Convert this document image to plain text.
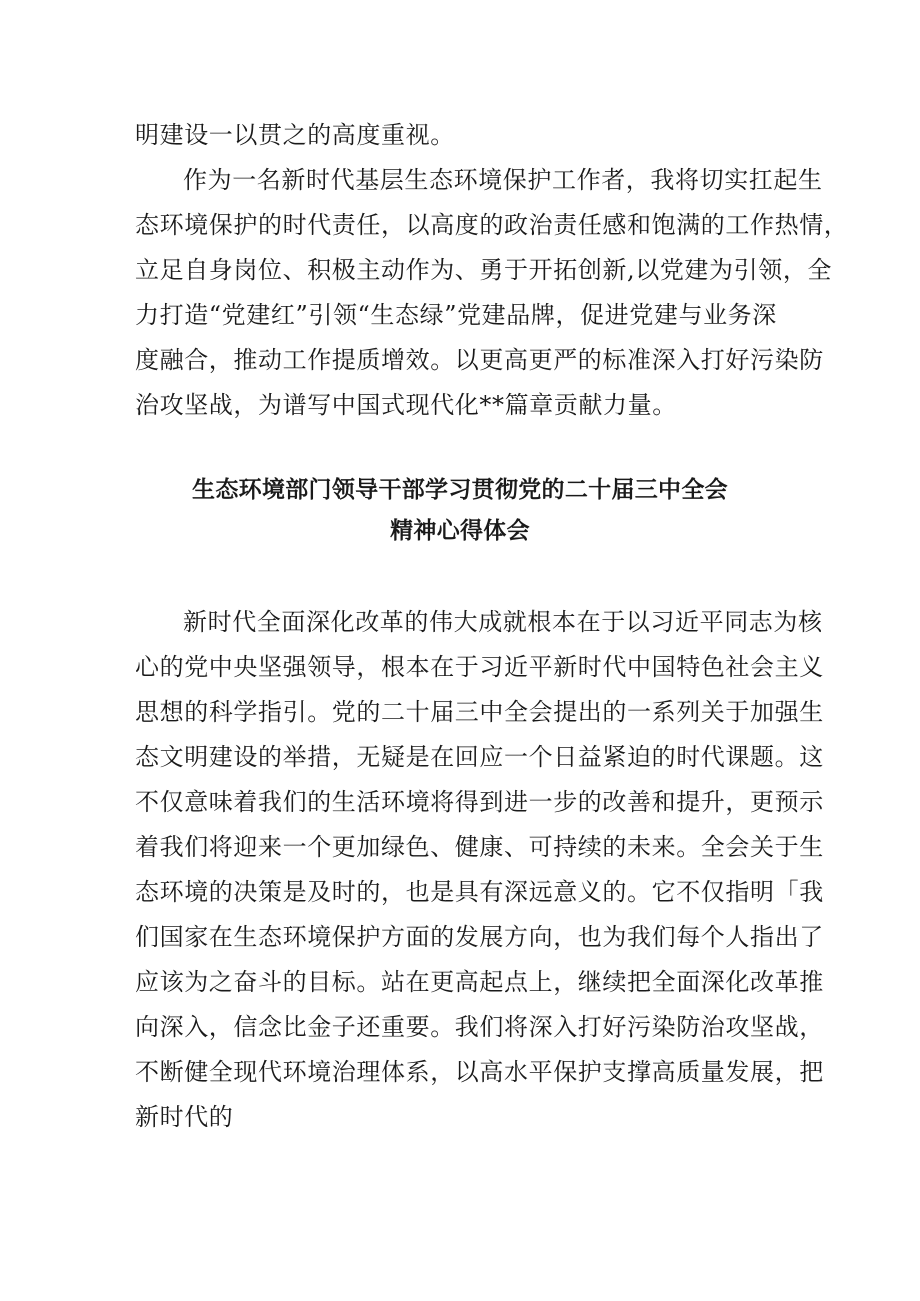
明建设一以贯之的高度重视。
作为一名新时代基层生态环境保护工作者，我将切实扛起生
态环境保护的时代责任，以高度的政治责任感和饱满的工作热情，
立足自身岗位、积极主动作为、勇于开拓创新,以党建为引领，全
力打造“党建红”引领“生态绿”党建品牌，促进党建与业务深
度融合，推动工作提质增效。以更高更严的标准深入打好污染防
治攻坚战，为谱写中国式现代化**篇章贡献力量。
生态环境部门领导干部学习贯彻党的二十届三中全会
精神心得体会
新时代全面深化改革的伟大成就根本在于以习近平同志为核
心的党中央坚强领导，根本在于习近平新时代中国特色社会主义
思想的科学指引。党的二十届三中全会提出的一系列关于加强生
态文明建设的举措，无疑是在回应一个日益紧迫的时代课题。这
不仅意味着我们的生活环境将得到进一步的改善和提升，更预示
着我们将迎来一个更加绿色、健康、可持续的未来。全会关于生
态环境的决策是及时的，也是具有深远意义的。它不仅指明「我
们国家在生态环境保护方面的发展方向，也为我们每个人指出了
应该为之奋斗的目标。站在更高起点上，继续把全面深化改革推
向深入，信念比金子还重要。我们将深入打好污染防治攻坚战，
不断健全现代环境治理体系，以高水平保护支撑高质量发展，把
新时代的
